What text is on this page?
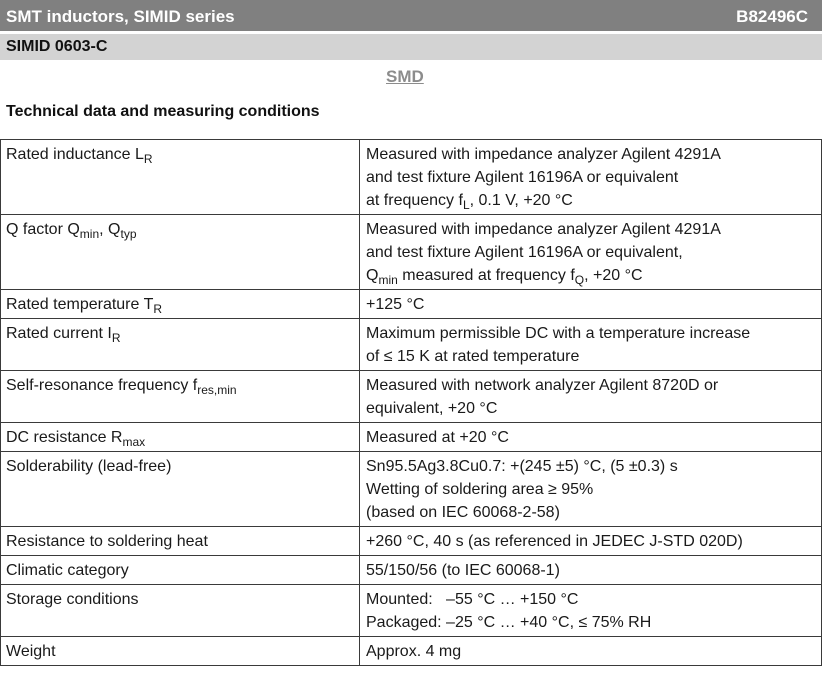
SMT inductors, SIMID series	B82496C
SIMID 0603-C
SMD
Technical data and measuring conditions
Rated inductance $L_R$	Measured with impedance analyzer Agilent 4291A
and test fixture Agilent 16196A or equivalent
at frequency $f_L$, 0.1 V, +20 °C

Q factor $Q_{min}$, $Q_{typ}$	Measured with impedance analyzer Agilent 4291A
and test fixture Agilent 16196A or equivalent,
$Q_{min}$ measured at frequency $f_Q$, +20 °C

Rated temperature $T_R$	+125 °C

Rated current $I_R$	Maximum permissible DC with a temperature increase
of ≤ 15 K at rated temperature

Self-resonance frequency $f_{res,min}$	Measured with network analyzer Agilent 8720D or
equivalent, +20 °C

DC resistance $R_{max}$	Measured at +20 °C

Solderability (lead-free)	Sn95.5Ag3.8Cu0.7: +(245 ±5) °C, (5 ±0.3) s
Wetting of soldering area ≥ 95%
(based on IEC 60068-2-58)

Resistance to soldering heat	+260 °C, 40 s (as referenced in JEDEC J-STD 020D)

Climatic category	55/150/56 (to IEC 60068-1)

Storage conditions	Mounted:   –55 °C … +150 °C
Packaged: –25 °C … +40 °C, ≤ 75% RH

Weight	Approx. 4 mg
